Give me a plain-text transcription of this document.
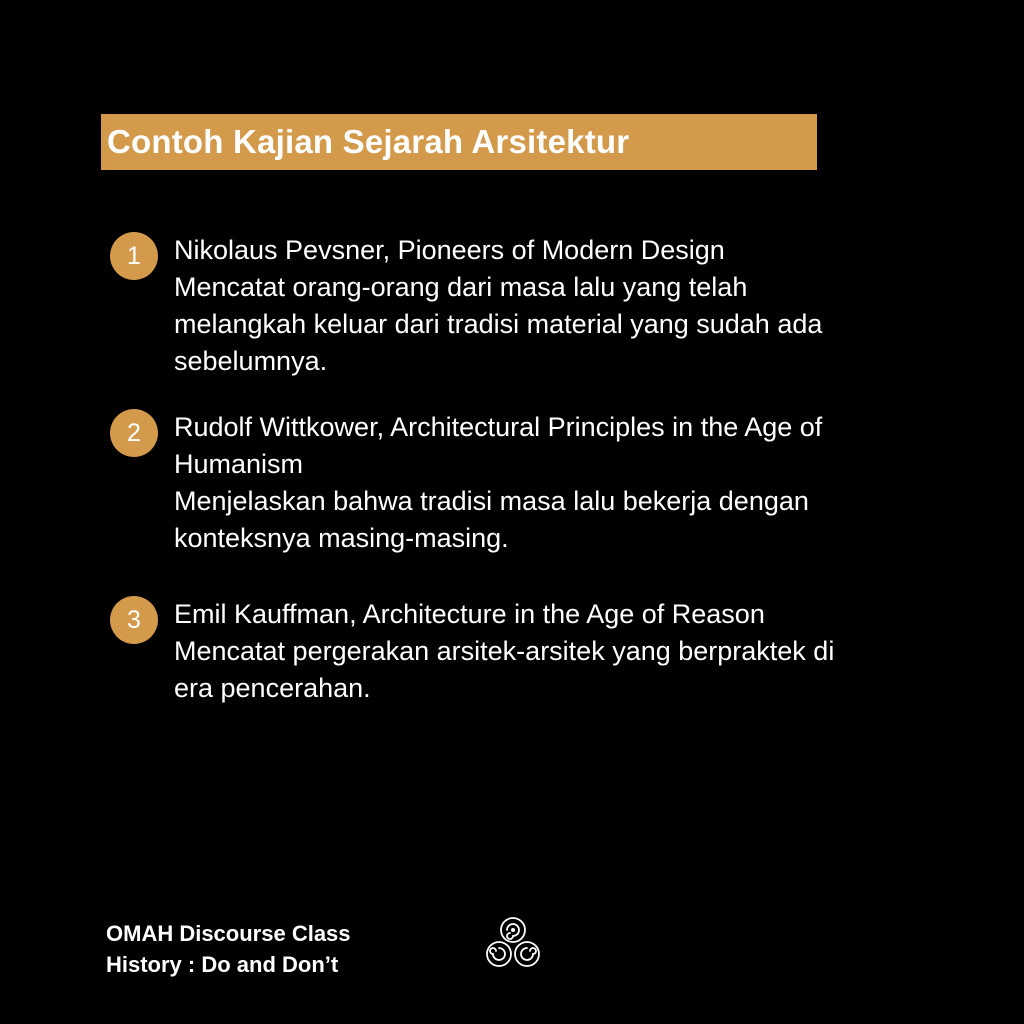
Contoh Kajian Sejarah Arsitektur
1	Nikolaus Pevsner, Pioneers of Modern Design
Mencatat orang-orang dari masa lalu yang telah
melangkah keluar dari tradisi material yang sudah ada
sebelumnya.
2	Rudolf Wittkower, Architectural Principles in the Age of
Humanism
Menjelaskan bahwa tradisi masa lalu bekerja dengan
konteksnya masing-masing.
3	Emil Kauffman, Architecture in the Age of Reason
Mencatat pergerakan arsitek-arsitek yang berpraktek di
era pencerahan.
OMAH Discourse Class
History : Do and Don’t
